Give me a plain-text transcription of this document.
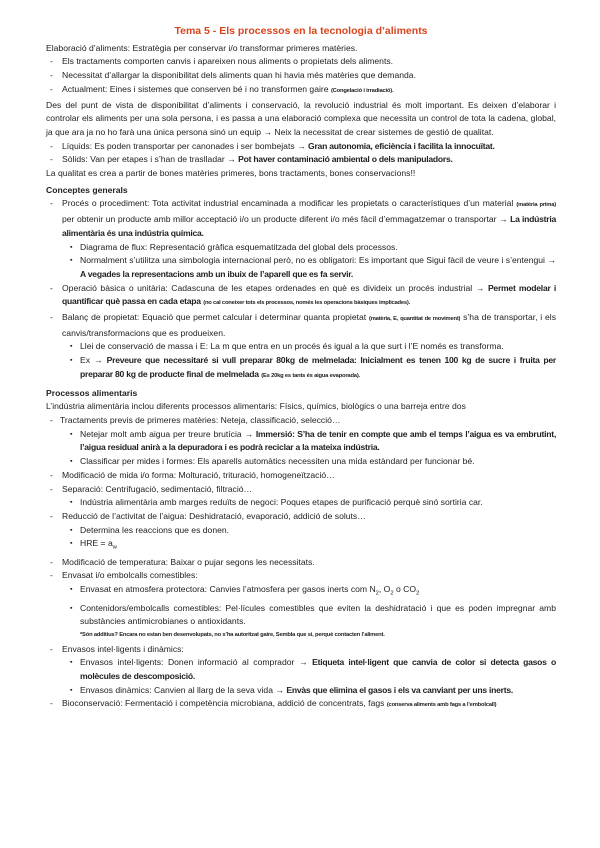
Tema 5 - Els processos en la tecnologia d’aliments

Elaboració d’aliments: Estratègia per conservar i/o transformar primeres matèries.

- Els tractaments comporten canvis i apareixen nous aliments o propietats dels aliments.
- Necessitat d’allargar la disponibilitat dels aliments quan hi havia més matèries que demanda.
- Actualment: Eines i sistemes que conserven bé i no transformen gaire (Congelació i irradiació).

Des del punt de vista de disponibilitat d’aliments i conservació, la revolució industrial és molt important. Es deixen d’elaborar i controlar els aliments per una sola persona, i es passa a una elaboració complexa que necessita un control de tota la cadena, global, ja que ara ja no ho farà una única persona sinó un equip → Neix la necessitat de crear sistemes de gestió de qualitat.

- Líquids: Es poden transportar per canonades i ser bombejats → Gran autonomia, eficiència i facilita la innocuïtat.
- Sòlids: Van per etapes i s’han de traslladar → Pot haver contaminació ambiental o dels manipuladors.

La qualitat es crea a partir de bones matèries primeres, bons tractaments, bones conservacions!!

Conceptes generals
- Procés o procediment: Tota activitat industrial encaminada a modificar les propietats o característiques d’un material (matèria prima) per obtenir un producte amb millor acceptació i/o un producte diferent i/o més fàcil d’emmagatzemar o transportar → La indústria alimentària és una indústria química.
▪ Diagrama de flux: Representació gràfica esquematitzada del global dels processos.
▪ Normalment s’utilitza una simbologia internacional però, no es obligatori: Es important que Sigui fàcil de veure i s’entengui → A vegades la representacions amb un ibuix de l’aparell que es fa servir.
- Operació bàsica o unitària: Cadascuna de les etapes ordenades en què es divideix un procés industrial → Permet modelar i quantificar què passa en cada etapa (no cal coneixer tots els processos, només les operacions bàsiques implicades).
- Balanç de propietat: Equació que permet calcular i determinar quanta propietat (matèria, E, quantitat de moviment) s’ha de transportar, i els canvis/transformacions que es produeixen.
▪ Llei de conservació de massa i E: La m que entra en un procés és igual a la que surt i l’E només es transforma.
▪ Ex → Preveure que necessitaré si vull preparar 80kg de melmelada: Inicialment es tenen 100 kg de sucre i fruita per preparar 80 kg de producte final de melmelada (Es 20kg es tants és aigua evaporada).
Processos alimentaris

L’indústria alimentària inclou diferents processos alimentaris: Físics, químics, biològics o una barreja entre dos

- Tractaments previs de primeres matèries: Neteja, classificació, selecció…
▪ Netejar molt amb aigua per treure brutícia → Immersió: S’ha de tenir en compte que amb el temps l’aigua es va embrutint, l’aigua residual anirà a la depuradora i es podrà reciclar a la mateixa indústria.
▪ Classificar per mides i formes: Els aparells automàtics necessiten una mida estàndard per funcionar bé.
- Modificació de mida i/o forma: Molturació, trituració, homogeneïtzació…
- Separació: Centrifugació, sedimentació, filtració…
▪ Indústria alimentària amb marges reduïts de negoci: Poques etapes de purificació perquè sinó sortiria car.
- Reducció de l’activitat de l’aigua: Deshidratació, evaporació, addició de soluts…
▪ Determina les reaccions que es donen.
▪ HRE = $a_w$
- Modificació de temperatura: Baixar o pujar segons les necessitats.
- Envasat i/o embolcalls comestibles:
▪ Envasat en atmosfera protectora: Canvies l’atmosfera per gasos inerts com $N_2$, $O_2$ o $CO_2$
▪ Contenidors/embolcalls comestibles: Pel·lícules comestibles que eviten la deshidratació i que es poden impregnar amb substàncies antimicrobianes o antioxidants.
*Són additius? Encara no estan ben desenvolupats, no s’ha autoritzat gaire, Sembla que si, perquè contacten l’aliment.
- Envasos intel·ligents i dinàmics:
▪ Envasos intel·ligents: Donen informació al comprador → Etiqueta intel·ligent que canvia de color si detecta gasos o molècules de descomposició.
▪ Envasos dinàmics: Canvien al llarg de la seva vida → Envàs que elimina el gasos i els va canviant per uns inerts.
- Bioconservació: Fermentació i competència microbiana, addició de concentrats, fags (conserva aliments amb fags a l’embolcall)
